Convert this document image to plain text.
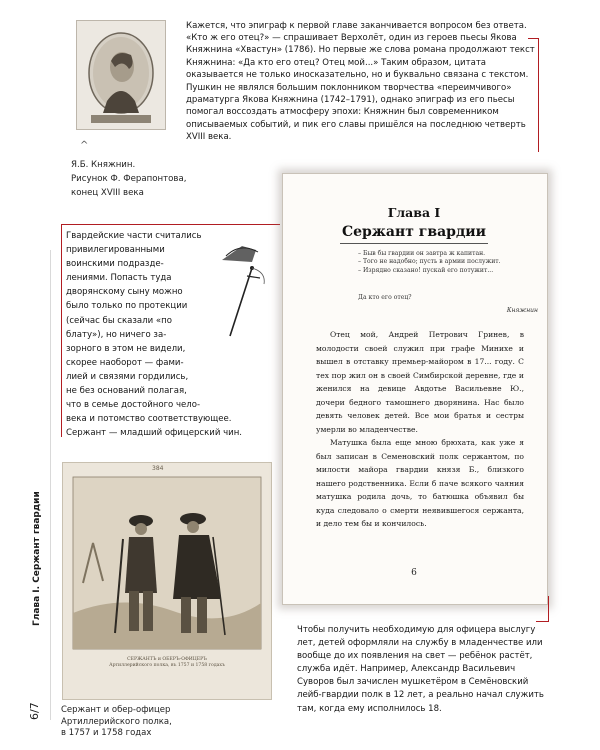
^
Я.Б. Княжнин.
Рисунок Ф. Ферапонтова,
конец XVIII века

Кажется, что эпиграф к первой главе заканчивается вопросом без ответа. «Кто ж его отец?» — спрашивает Верхолёт, один из героев пьесы Якова Княжнина «Хвастун» (1786). Но первые же слова романа продолжают текст Княжнина: «Да кто его отец? Отец мой...» Таким образом, цитата оказывается не только иносказательно, но и буквально связана с текстом.

Пушкин не являлся большим поклонником творчества «переимчивого» драматурга Якова Княжнина (1742–1791), однако эпиграф из его пьесы помогал воссоздать атмосферу эпохи: Княжнин был современником описываемых событий, и пик его славы пришёлся на последнюю четверть XVIII века.

Гвардейские части считались
привилегированными
воинскими подразде-
лениями. Попасть туда
дворянскому сыну можно
было только по протекции
(сейчас бы сказали «по
блату»), но ничего за-
зорного в этом не видели,
скорее наоборот — фами-
лией и связями гордились,
не без оснований полагая,
что в семье достойного чело-
века и потомство соответствующее.
Сержант — младший офицерский чин.
Глава I. Сержант гвардии
6/7
384
СЕРЖАНТЪ и ОБЕРЪ-ОФИЦЕРЪ
Артиллерийского полка, въ 1757 и 1758 годахъ
Сержант и обер-офицер
Артиллерийского полка,
в 1757 и 1758 годах
Глава I
Сержант гвардии
– Быв бы гвардии он завтра ж капитан.
– Того не надобно; пусть в армии послужит.
– Изрядно сказано! пускай его потужит...
Да кто его отец?
Княжнин

Отец мой, Андрей Петрович Гринев, в молодости своей служил при графе Минихе и вышел в отставку премьер-майором в 17... году. С тех пор жил он в своей Симбирской деревне, где и женился на девице Авдотье Васильевне Ю., дочери бедного тамошнего дворянина. Нас было девять человек детей. Все мои братья и сестры умерли во младенчестве.

Матушка была еще мною брюхата, как уже я был записан в Семеновский полк сержантом, по милости майора гвардии князя Б., близкого нашего родственника. Если б паче всякого чаяния матушка родила дочь, то батюшка объявил бы куда следовало о смерти неявившегося сержанта, и дело тем бы и кончилось.

6
Чтобы получить необходимую для офицера выслугу лет, детей оформляли на службу в младенчестве или вообще до их появления на свет — ребёнок растёт, служба идёт. Например, Александр Васильевич Суворов был зачислен мушкетёром в Семёновский лейб-гвардии полк в 12 лет, а реально начал служить там, когда ему исполнилось 18.
